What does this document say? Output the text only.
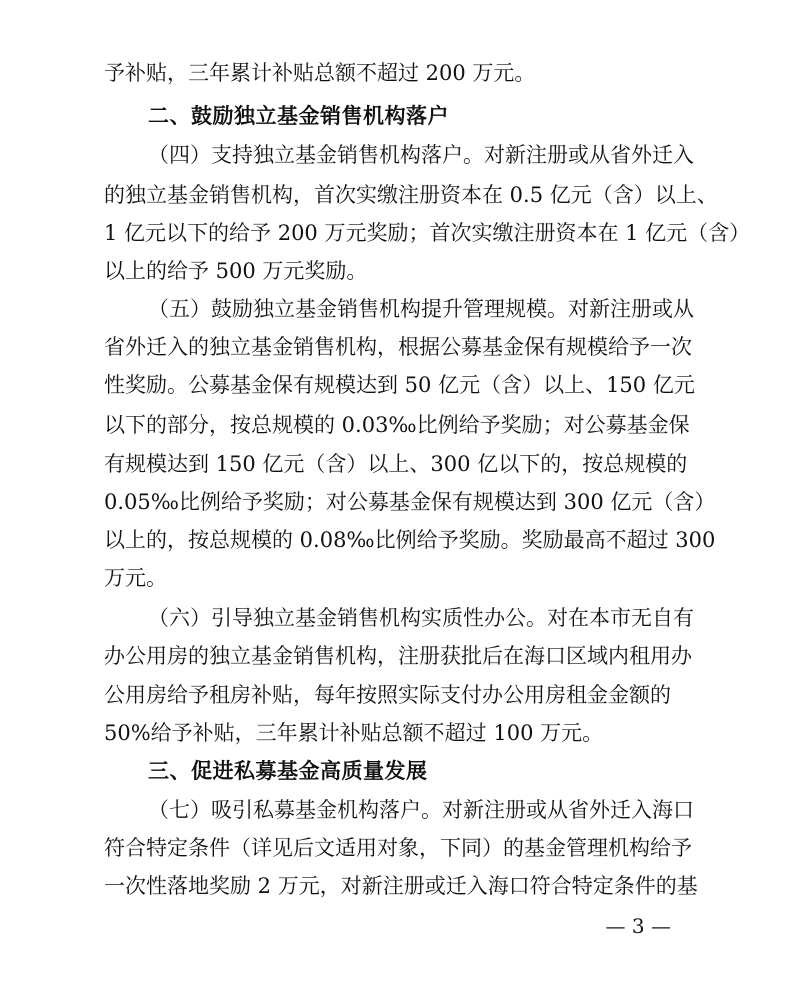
予补贴，三年累计补贴总额不超过 200 万元。
二、鼓励独立基金销售机构落户
（四）支持独立基金销售机构落户。对新注册或从省外迁入
的独立基金销售机构，首次实缴注册资本在 0.5 亿元（含）以上、
1 亿元以下的给予 200 万元奖励；首次实缴注册资本在 1 亿元（含）
以上的给予 500 万元奖励。
（五）鼓励独立基金销售机构提升管理规模。对新注册或从
省外迁入的独立基金销售机构，根据公募基金保有规模给予一次
性奖励。公募基金保有规模达到 50 亿元（含）以上、150 亿元
以下的部分，按总规模的 0.03‰比例给予奖励；对公募基金保
有规模达到 150 亿元（含）以上、300 亿以下的，按总规模的
0.05‰比例给予奖励；对公募基金保有规模达到 300 亿元（含）
以上的，按总规模的 0.08‰比例给予奖励。奖励最高不超过 300
万元。
（六）引导独立基金销售机构实质性办公。对在本市无自有
办公用房的独立基金销售机构，注册获批后在海口区域内租用办
公用房给予租房补贴，每年按照实际支付办公用房租金金额的
50%给予补贴，三年累计补贴总额不超过 100 万元。
三、促进私募基金高质量发展
（七）吸引私募基金机构落户。对新注册或从省外迁入海口
符合特定条件（详见后文适用对象，下同）的基金管理机构给予
一次性落地奖励 2 万元，对新注册或迁入海口符合特定条件的基
— 3 —
